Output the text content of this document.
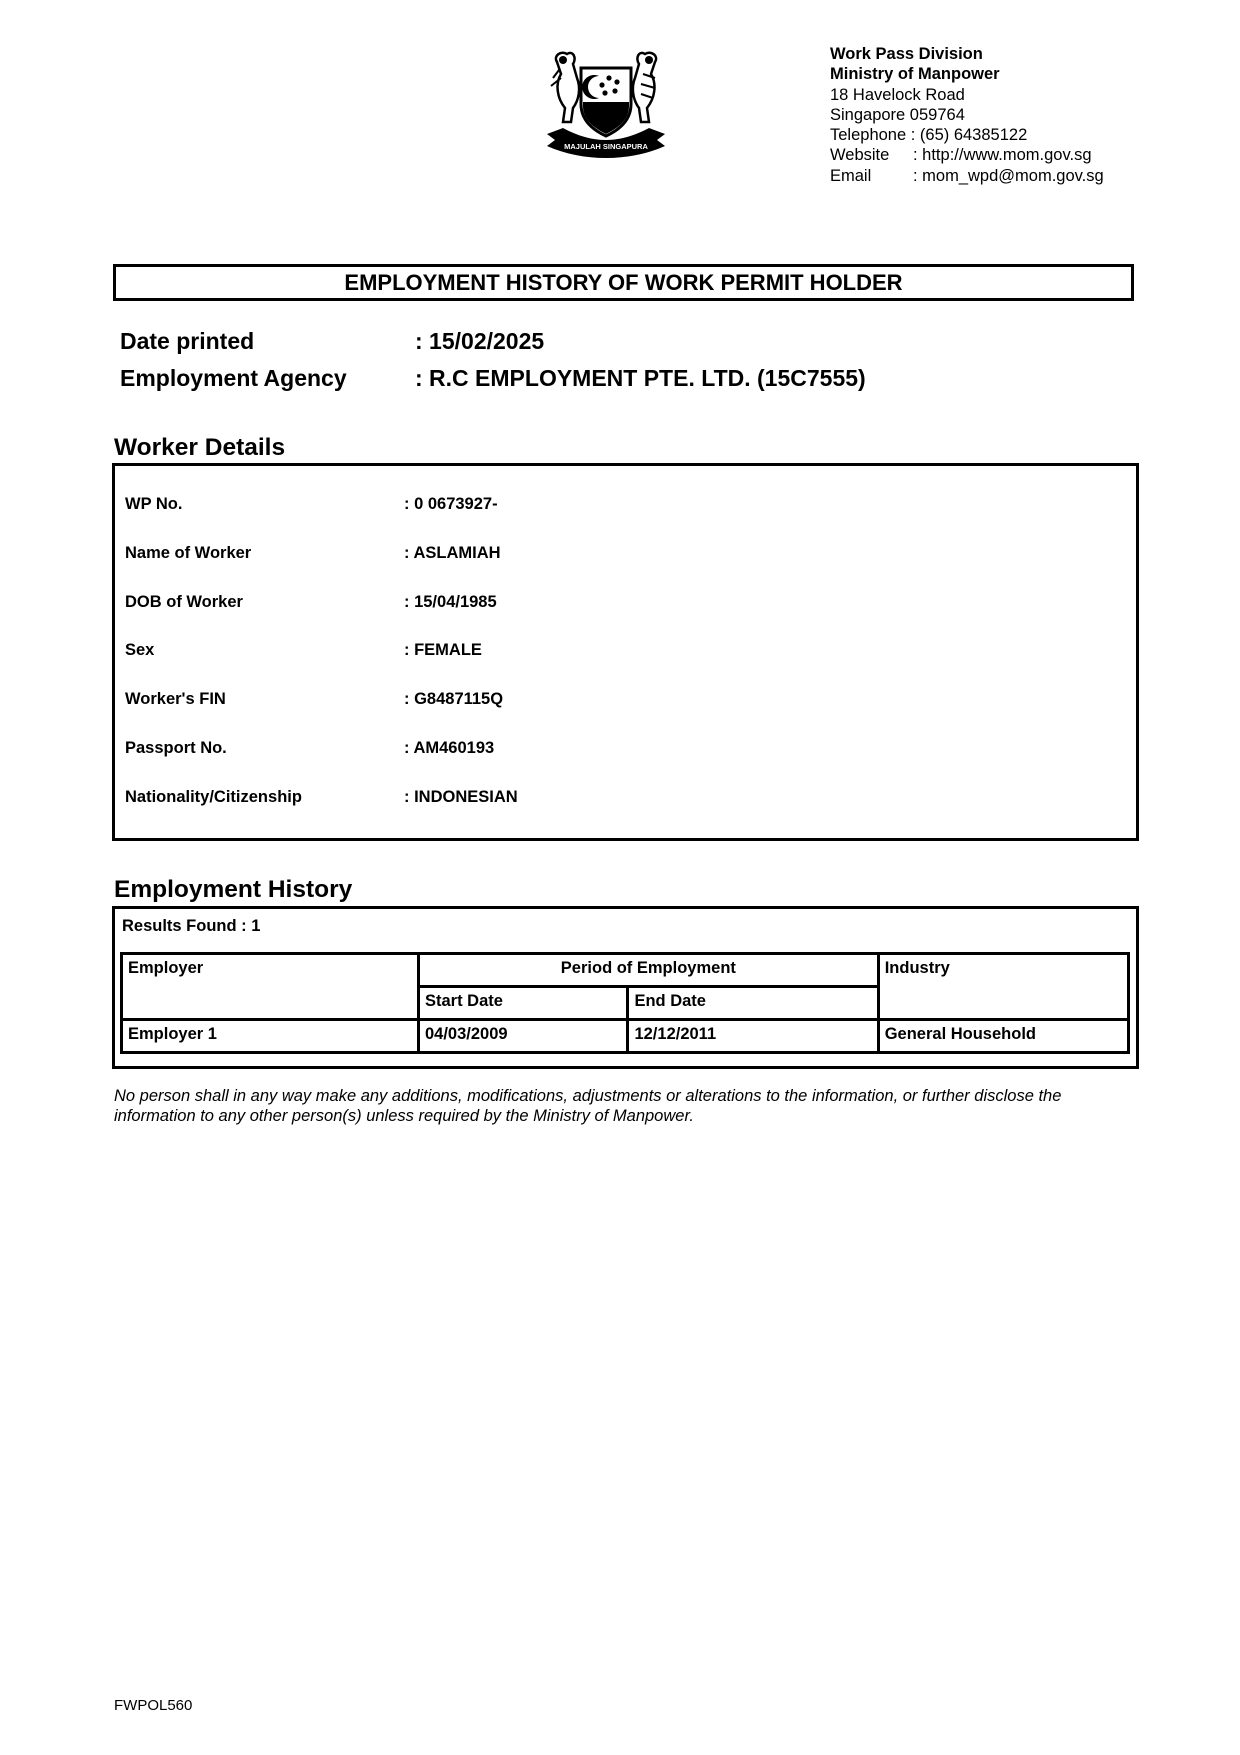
MAJULAH SINGAPURA
Work Pass Division
Ministry of Manpower
18 Havelock Road
Singapore 059764
Telephone : (65) 64385122
Website : http://www.mom.gov.sg
Email	: mom_wpd@mom.gov.sg
EMPLOYMENT HISTORY OF WORK PERMIT HOLDER
Date printed	: 15/02/2025
Employment Agency	: R.C EMPLOYMENT PTE. LTD. (15C7555)
Worker Details
WP No.	: 0 0673927-
Name of Worker	: ASLAMIAH
DOB of Worker	: 15/04/1985
Sex	: FEMALE
Worker's FIN	: G8487115Q
Passport No.	: AM460193
Nationality/Citizenship	: INDONESIAN
Employment History
Results Found : 1
Employer	Period of Employment		Industry
	Start Date	End Date	
Employer 1	04/03/2009	12/12/2011	General Household
No person shall in any way make any additions, modifications, adjustments or alterations to the information, or further disclose the information to any other person(s) unless required by the Ministry of Manpower.
FWPOL560
